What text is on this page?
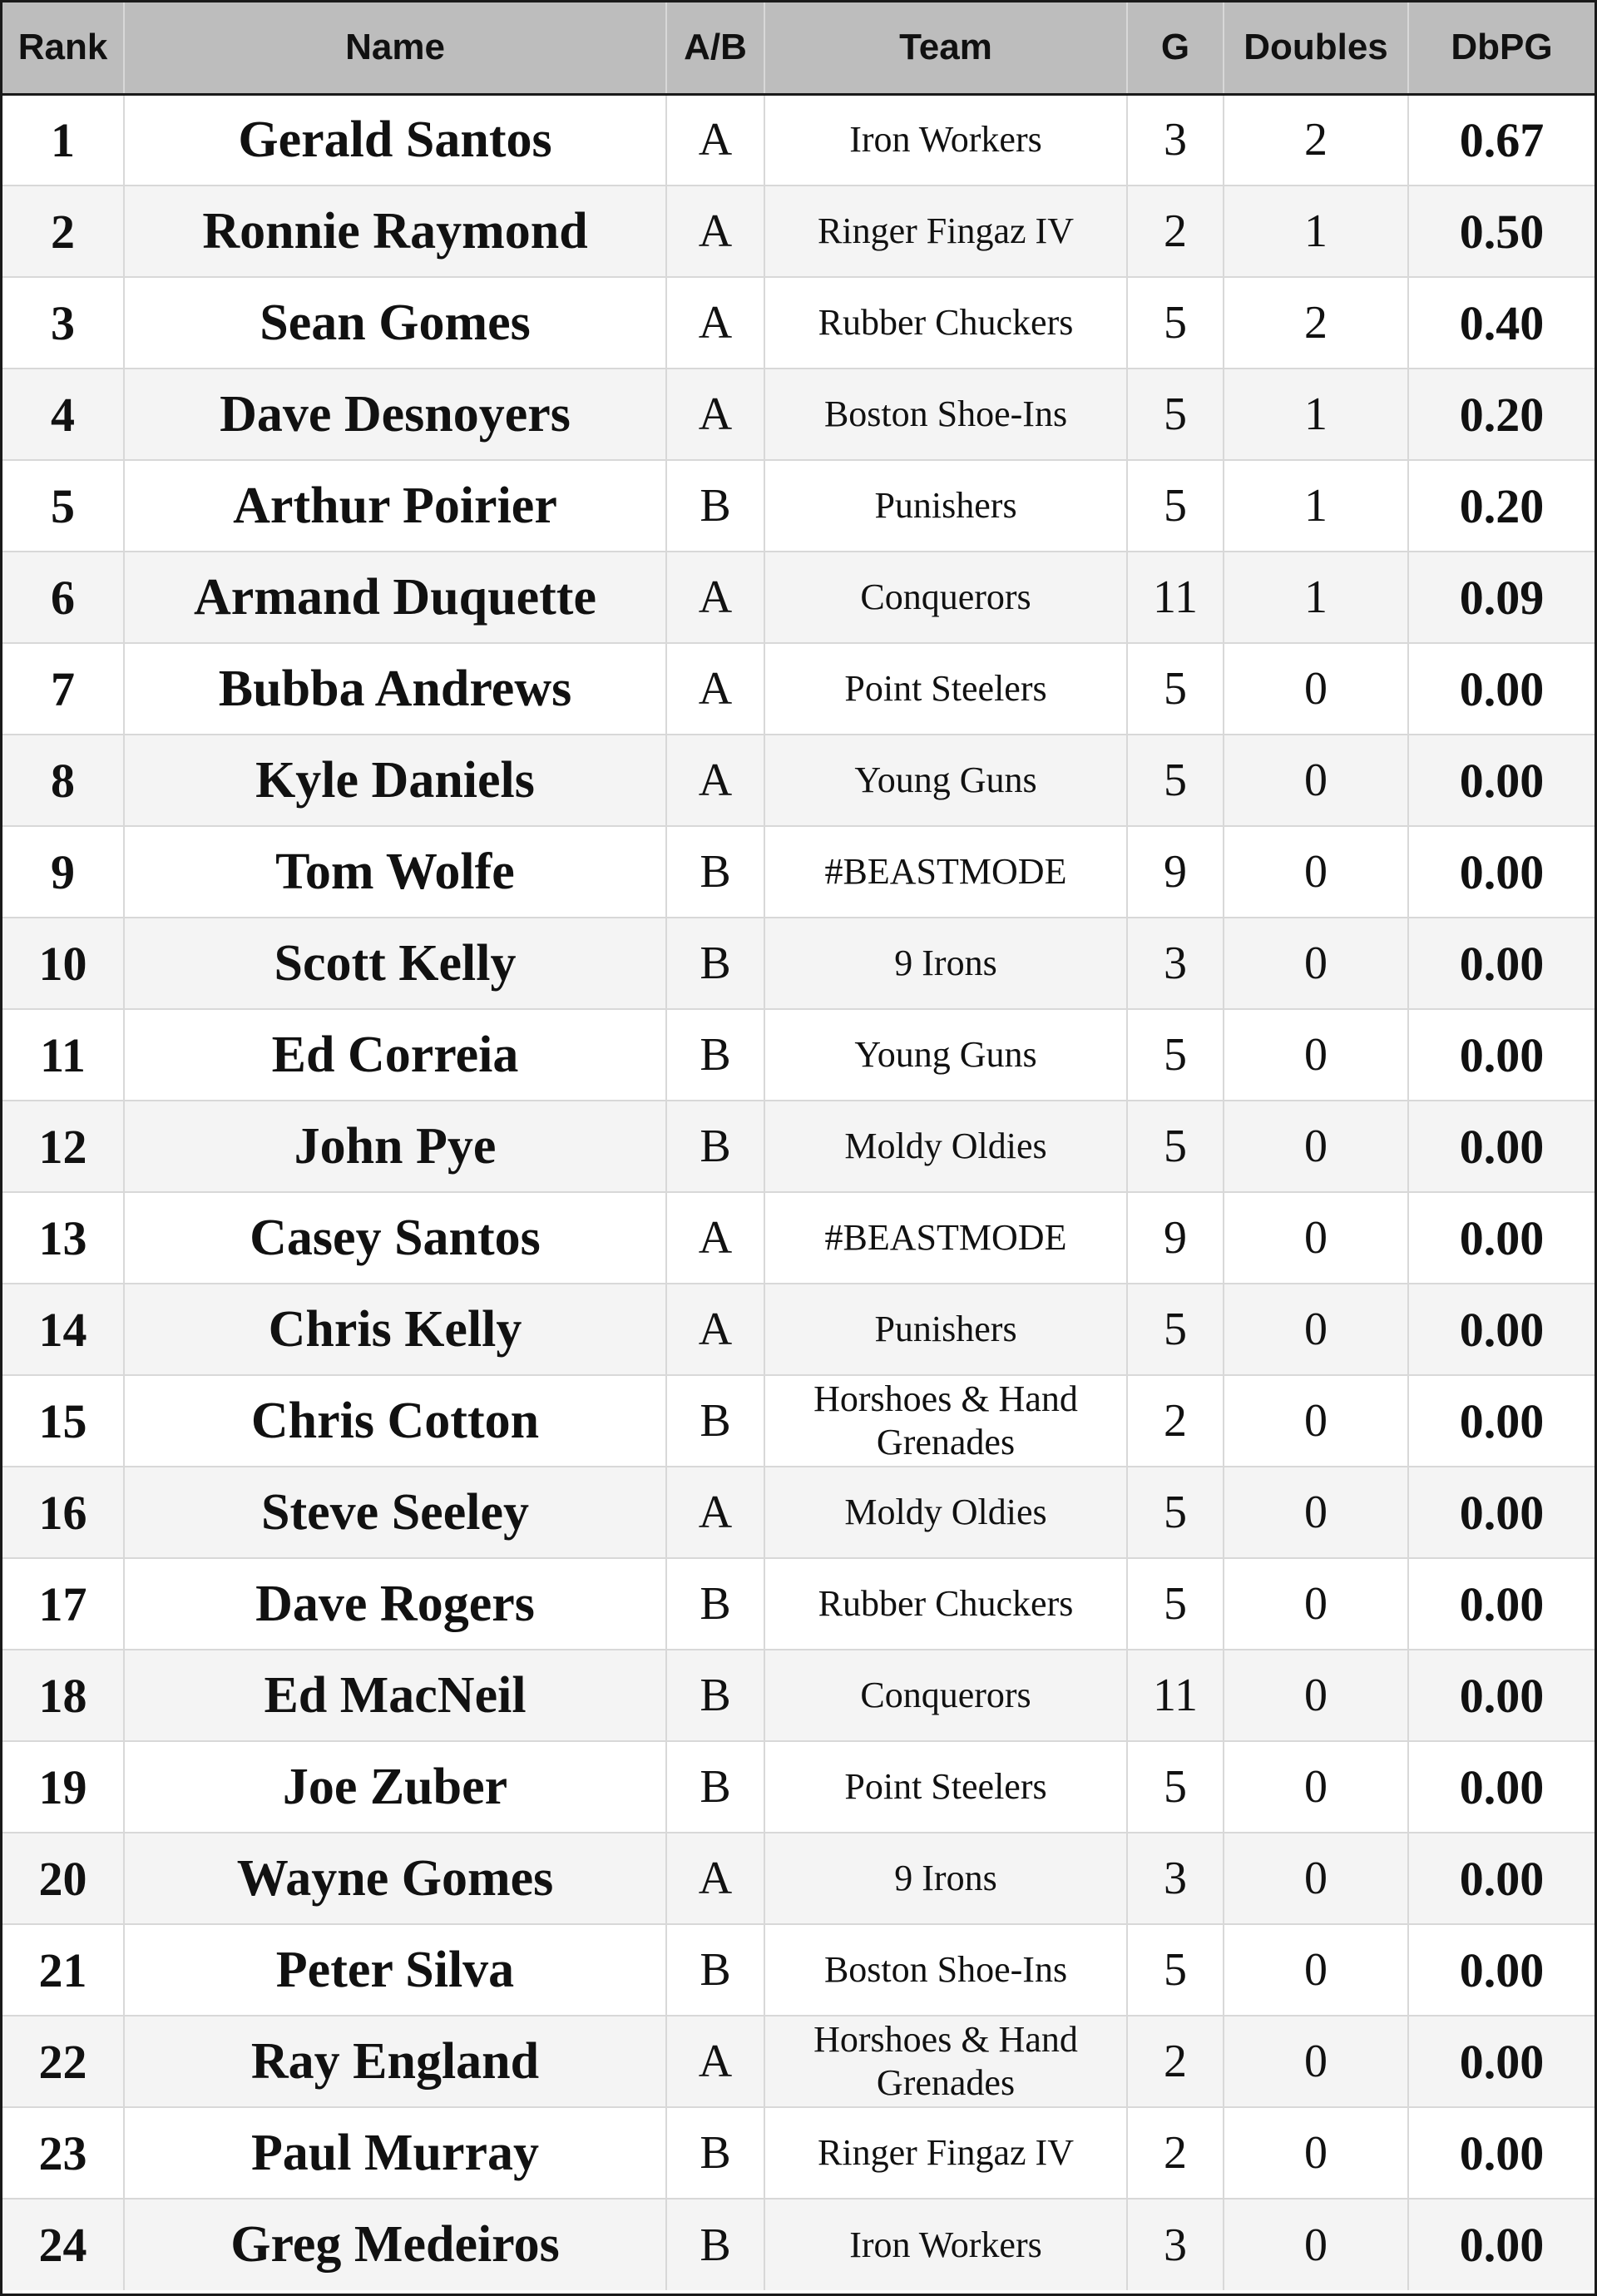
Rank	Name	A/B	Team	G	Doubles	DbPG
1	Gerald Santos	A	Iron Workers	3	2	0.67
2	Ronnie Raymond	A	Ringer Fingaz IV	2	1	0.50
3	Sean Gomes	A	Rubber Chuckers	5	2	0.40
4	Dave Desnoyers	A	Boston Shoe-Ins	5	1	0.20
5	Arthur Poirier	B	Punishers	5	1	0.20
6	Armand Duquette	A	Conquerors	11	1	0.09
7	Bubba Andrews	A	Point Steelers	5	0	0.00
8	Kyle Daniels	A	Young Guns	5	0	0.00
9	Tom Wolfe	B	#BEASTMODE	9	0	0.00
10	Scott Kelly	B	9 Irons	3	0	0.00
11	Ed Correia	B	Young Guns	5	0	0.00
12	John Pye	B	Moldy Oldies	5	0	0.00
13	Casey Santos	A	#BEASTMODE	9	0	0.00
14	Chris Kelly	A	Punishers	5	0	0.00
15	Chris Cotton	B	Horshoes & Hand Grenades	2	0	0.00
16	Steve Seeley	A	Moldy Oldies	5	0	0.00
17	Dave Rogers	B	Rubber Chuckers	5	0	0.00
18	Ed MacNeil	B	Conquerors	11	0	0.00
19	Joe Zuber	B	Point Steelers	5	0	0.00
20	Wayne Gomes	A	9 Irons	3	0	0.00
21	Peter Silva	B	Boston Shoe-Ins	5	0	0.00
22	Ray England	A	Horshoes & Hand Grenades	2	0	0.00
23	Paul Murray	B	Ringer Fingaz IV	2	0	0.00
24	Greg Medeiros	B	Iron Workers	3	0	0.00
